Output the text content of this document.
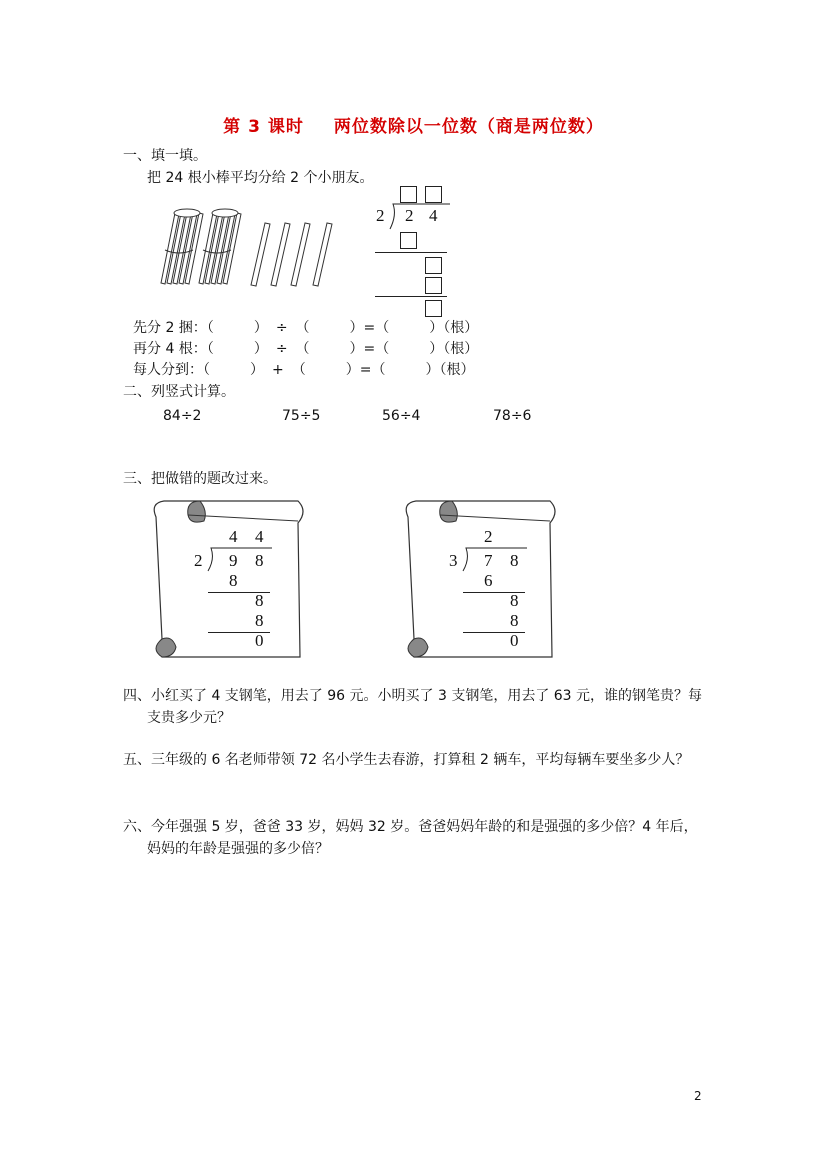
第 3 课时 两位数除以一位数（商是两位数）
一、填一填。
把 24 根小棒平均分给 2 个小朋友。
2 2 4
先分 2 捆：（	） ÷ （	）=（	）（根）
再分 4 根：（	） ÷ （	）=（	）（根）
每人分到：（	） + （	）=（	）（根）
二、列竖式计算。
84÷2	75÷5	56÷4	78÷6
三、把做错的题改过来。
4 4
2 9 8
8
8
8
0
2
3 7 8
6
8
8
0
四、小红买了 4 支钢笔，用去了 96 元。小明买了 3 支钢笔，用去了 63 元，谁的钢笔贵？每
支贵多少元？
五、三年级的 6 名老师带领 72 名小学生去春游，打算租 2 辆车，平均每辆车要坐多少人？
六、今年强强 5 岁，爸爸 33 岁，妈妈 32 岁。爸爸妈妈年龄的和是强强的多少倍？4 年后，
妈妈的年龄是强强的多少倍？
2
